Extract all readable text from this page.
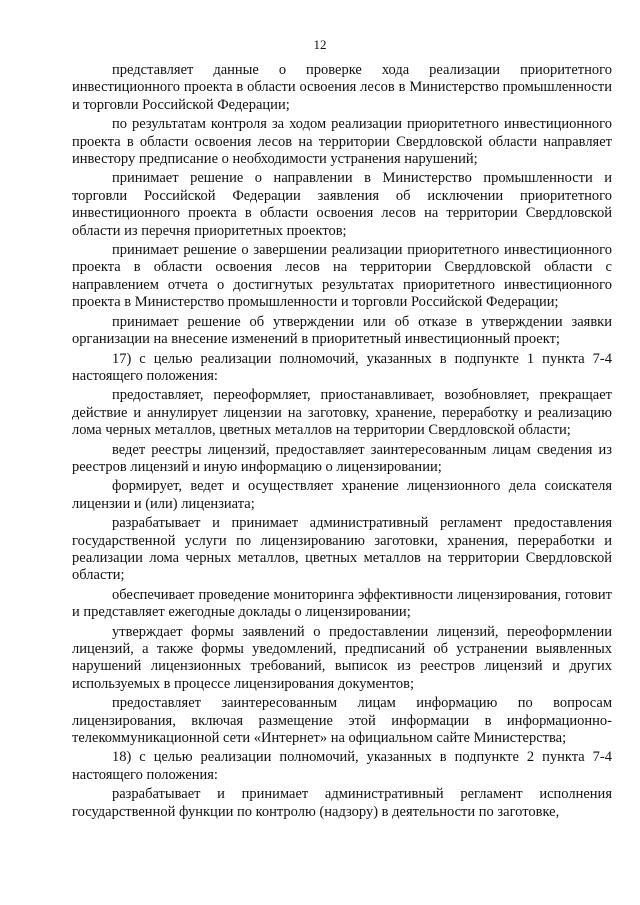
12

представляет данные о проверке хода реализации приоритетного инвестиционного проекта в области освоения лесов в Министерство промышленности и торговли Российской Федерации;

по результатам контроля за ходом реализации приоритетного инвестиционного проекта в области освоения лесов на территории Свердловской области направляет инвестору предписание о необходимости устранения нарушений;

принимает решение о направлении в Министерство промышленности и торговли Российской Федерации заявления об исключении приоритетного инвестиционного проекта в области освоения лесов на территории Свердловской области из перечня приоритетных проектов;

принимает решение о завершении реализации приоритетного инвестиционного проекта в области освоения лесов на территории Свердловской области с направлением отчета о достигнутых результатах приоритетного инвестиционного проекта в Министерство промышленности и торговли Российской Федерации;

принимает решение об утверждении или об отказе в утверждении заявки организации на внесение изменений в приоритетный инвестиционный проект;

17) с целью реализации полномочий, указанных в подпункте 1 пункта 7-4 настоящего положения:

предоставляет, переоформляет, приостанавливает, возобновляет, прекращает действие и аннулирует лицензии на заготовку, хранение, переработку и реализацию лома черных металлов, цветных металлов на территории Свердловской области;

ведет реестры лицензий, предоставляет заинтересованным лицам сведения из реестров лицензий и иную информацию о лицензировании;

формирует, ведет и осуществляет хранение лицензионного дела соискателя лицензии и (или) лицензиата;

разрабатывает и принимает административный регламент предоставления государственной услуги по лицензированию заготовки, хранения, переработки и реализации лома черных металлов, цветных металлов на территории Свердловской области;

обеспечивает проведение мониторинга эффективности лицензирования, готовит и представляет ежегодные доклады о лицензировании;

утверждает формы заявлений о предоставлении лицензий, переоформлении лицензий, а также формы уведомлений, предписаний об устранении выявленных нарушений лицензионных требований, выписок из реестров лицензий и других используемых в процессе лицензирования документов;

предоставляет заинтересованным лицам информацию по вопросам лицензирования, включая размещение этой информации в информационно-телекоммуникационной сети «Интернет» на официальном сайте Министерства;

18) с целью реализации полномочий, указанных в подпункте 2 пункта 7-4 настоящего положения:

разрабатывает и принимает административный регламент исполнения государственной функции по контролю (надзору) в деятельности по заготовке,
